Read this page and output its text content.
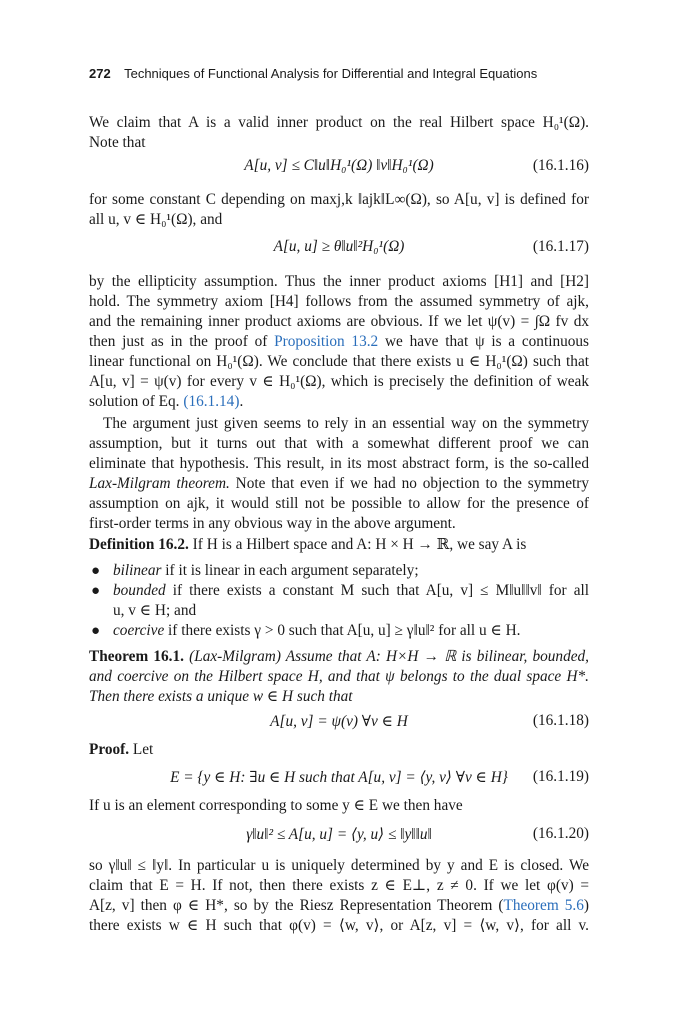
272 Techniques of Functional Analysis for Differential and Integral Equations
We claim that A is a valid inner product on the real Hilbert space H₀¹(Ω).
Note that
A[u, v] ≤ C‖u‖H₀¹(Ω) ‖v‖H₀¹(Ω)	(16.1.16)
for some constant C depending on maxj,k ‖ajk‖L∞(Ω), so A[u, v] is defined for
all u, v ∈ H₀¹(Ω), and
A[u, u] ≥ θ‖u‖²H₀¹(Ω)	(16.1.17)
by the ellipticity assumption. Thus the inner product axioms [H1] and [H2]
hold. The symmetry axiom [H4] follows from the assumed symmetry of ajk,
and the remaining inner product axioms are obvious. If we let ψ(v) = ∫Ω fv dx
then just as in the proof of Proposition 13.2 we have that ψ is a continuous
linear functional on H₀¹(Ω). We conclude that there exists u ∈ H₀¹(Ω) such that
A[u, v] = ψ(v) for every v ∈ H₀¹(Ω), which is precisely the definition of weak
solution of Eq. (16.1.14).
The argument just given seems to rely in an essential way on the symmetry
assumption, but it turns out that with a somewhat different proof we can
eliminate that hypothesis. This result, in its most abstract form, is the so-called
Lax-Milgram theorem. Note that even if we had no objection to the symmetry
assumption on ajk, it would still not be possible to allow for the presence of
first-order terms in any obvious way in the above argument.
Definition 16.2. If H is a Hilbert space and A: H × H → ℝ, we say A is
● bilinear if it is linear in each argument separately;
● bounded if there exists a constant M such that A[u, v] ≤ M‖u‖‖v‖ for all
u, v ∈ H; and
● coercive if there exists γ > 0 such that A[u, u] ≥ γ‖u‖² for all u ∈ H.
Theorem 16.1. (Lax-Milgram) Assume that A: H×H → ℝ is bilinear, bounded,
and coercive on the Hilbert space H, and that ψ belongs to the dual space H*.
Then there exists a unique w ∈ H such that
A[u, v] = ψ(v) ∀v ∈ H	(16.1.18)
Proof. Let
E = {y ∈ H: ∃u ∈ H such that A[u, v] = ⟨y, v⟩ ∀v ∈ H}	(16.1.19)
If u is an element corresponding to some y ∈ E we then have
γ‖u‖² ≤ A[u, u] = ⟨y, u⟩ ≤ ‖y‖‖u‖	(16.1.20)
so γ‖u‖ ≤ ‖y‖. In particular u is uniquely determined by y and E is closed. We
claim that E = H. If not, then there exists z ∈ E⊥, z ≠ 0. If we let φ(v) =
A[z, v] then φ ∈ H*, so by the Riesz Representation Theorem (Theorem 5.6)
there exists w ∈ H such that φ(v) = ⟨w, v⟩, or A[z, v] = ⟨w, v⟩, for all v.
